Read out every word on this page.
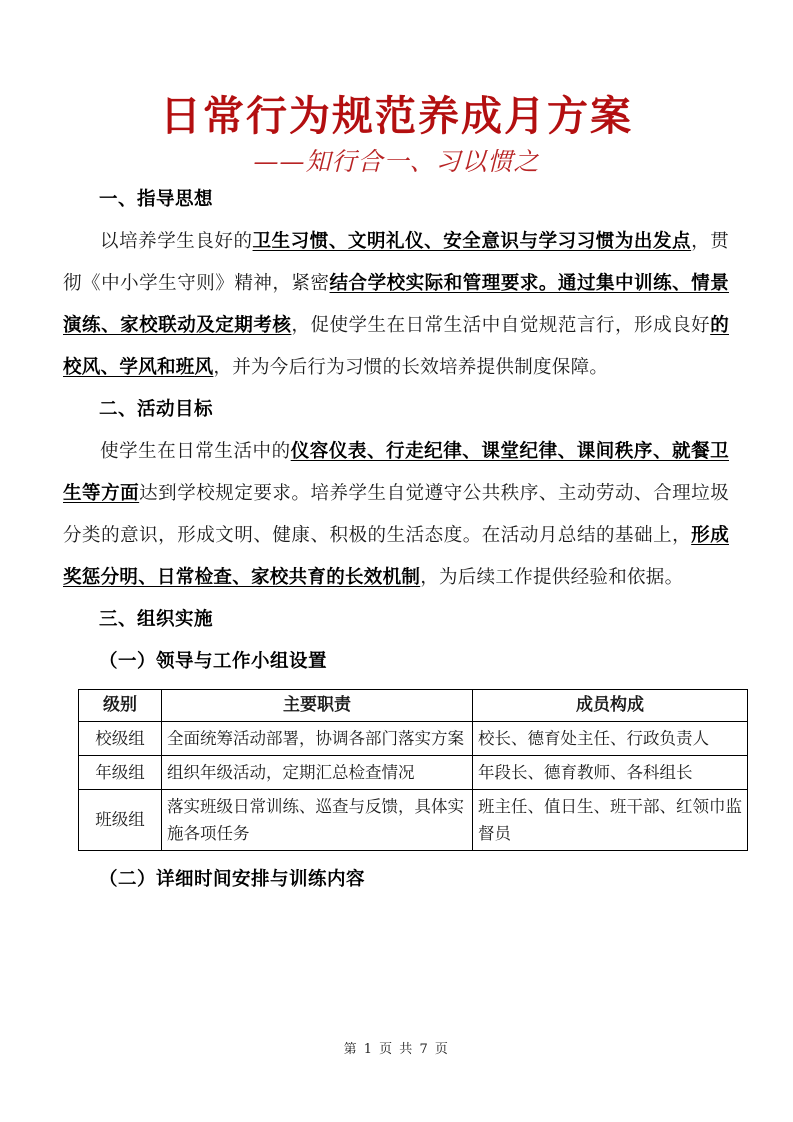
日常行为规范养成月方案
——知行合一、习以惯之
一、指导思想

以培养学生良好的卫生习惯、文明礼仪、安全意识与学习习惯为出发点，贯彻《中小学生守则》精神，紧密结合学校实际和管理要求。通过集中训练、情景演练、家校联动及定期考核，促使学生在日常生活中自觉规范言行，形成良好的校风、学风和班风，并为今后行为习惯的长效培养提供制度保障。

二、活动目标

使学生在日常生活中的仪容仪表、行走纪律、课堂纪律、课间秩序、就餐卫生等方面达到学校规定要求。培养学生自觉遵守公共秩序、主动劳动、合理垃圾分类的意识，形成文明、健康、积极的生活态度。在活动月总结的基础上，形成奖惩分明、日常检查、家校共育的长效机制，为后续工作提供经验和依据。

三、组织实施
（一）领导与工作小组设置
级别	主要职责	成员构成
校级组	全面统筹活动部署，协调各部门落实方案	校长、德育处主任、行政负责人
年级组	组织年级活动，定期汇总检查情况	年段长、德育教师、各科组长
班级组	落实班级日常训练、巡查与反馈，具体实施各项任务	班主任、值日生、班干部、红领巾监督员
（二）详细时间安排与训练内容
第 1 页 共 7 页
